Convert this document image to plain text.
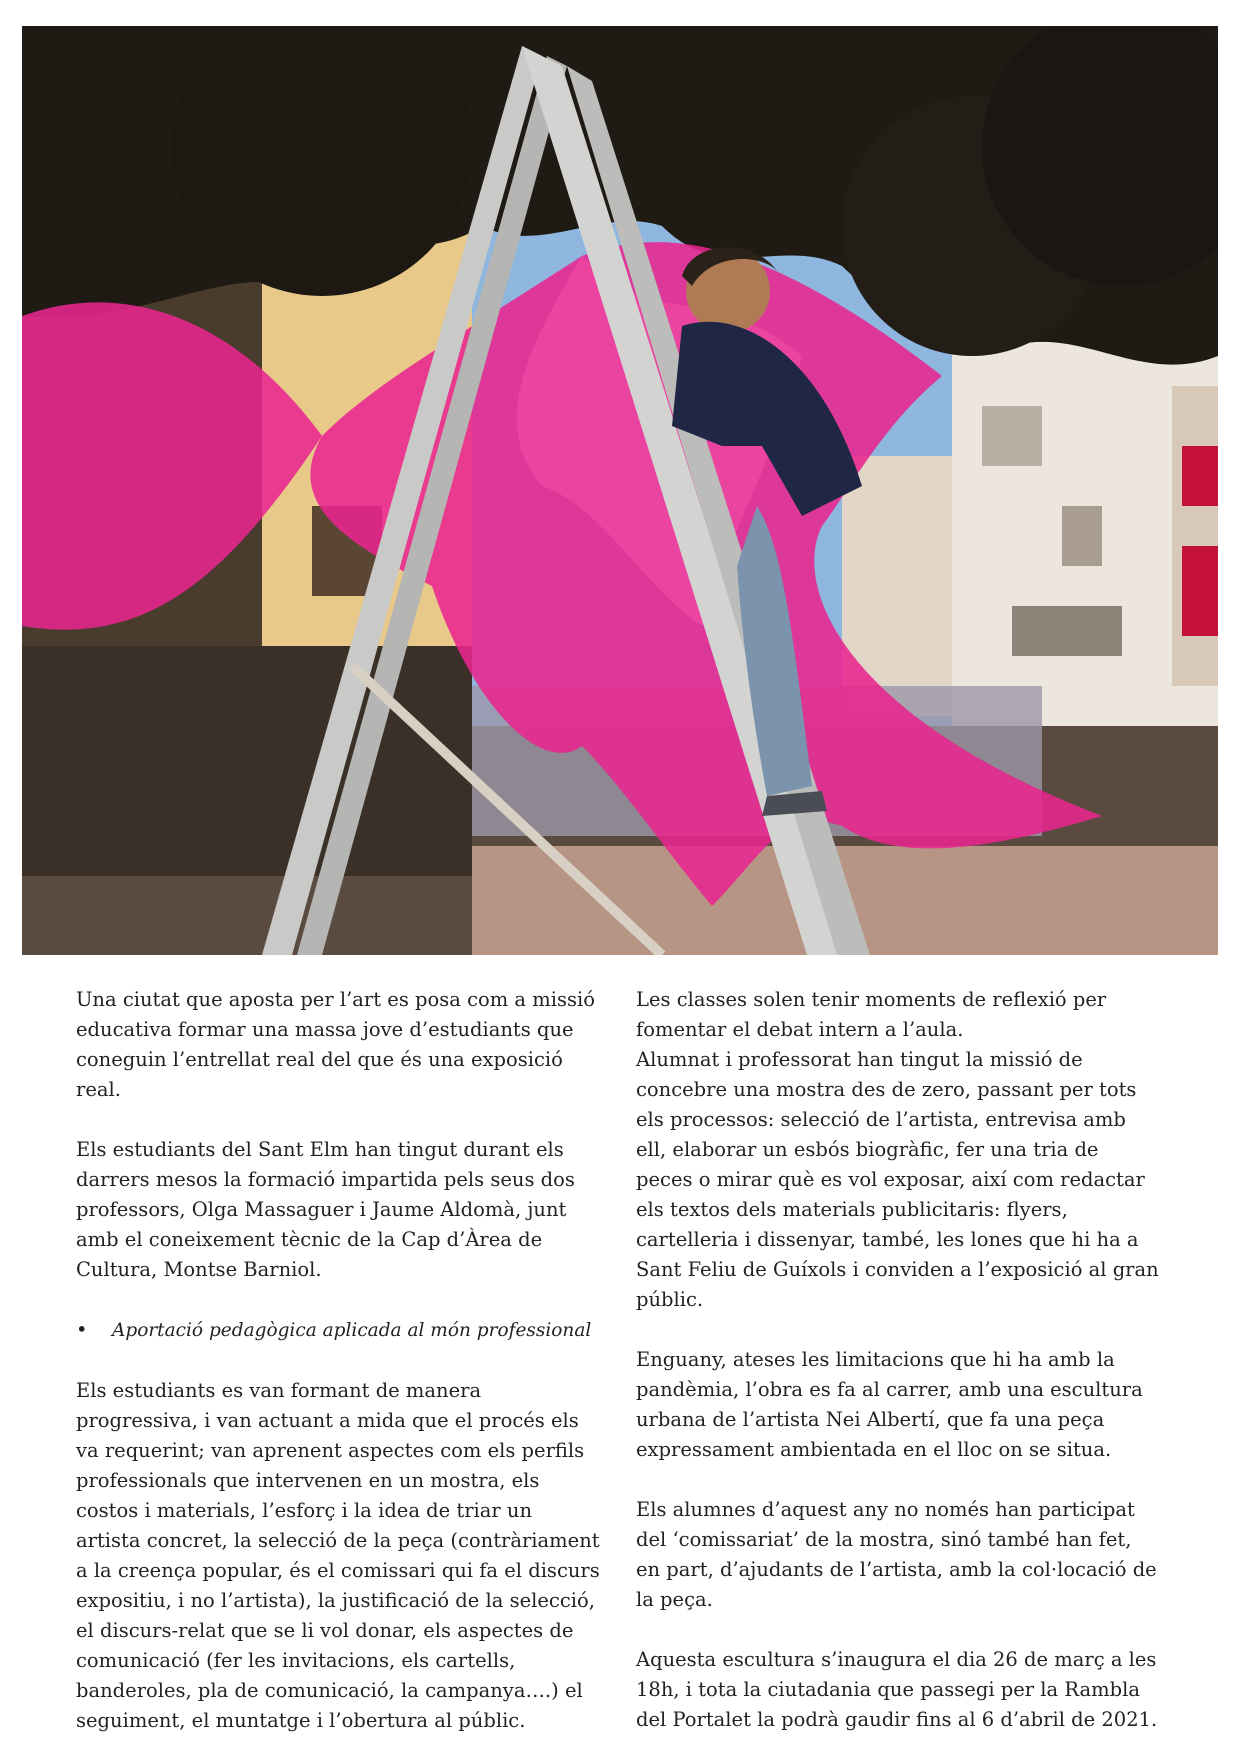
Una ciutat que aposta per l’art es posa com a missió educativa formar una massa jove d’estudiants que coneguin l’entrellat real del que és una exposició real.

Els estudiants del Sant Elm han tingut durant els darrers mesos la formació impartida pels seus dos professors, Olga Massaguer i Jaume Aldomà, junt amb el coneixement tècnic de la Cap d’Àrea de Cultura, Montse Barniol.

•	Aportació pedagògica aplicada al món professional

Els estudiants es van formant de manera progressiva, i van actuant a mida que el procés els va requerint; van aprenent aspectes com els perfils professionals que intervenen en un mostra, els costos i materials, l’esforç i la idea de triar un artista concret, la selecció de la peça (contràriament a la creença popular, és el comissari qui fa el discurs expositiu, i no l’artista), la justificació de la selecció, el discurs-relat que se li vol donar, els aspectes de comunicació (fer les invitacions, els cartells, banderoles, pla de comunicació, la campanya….) el seguiment, el muntatge i l’obertura al públic.

Les classes solen tenir moments de reflexió per fomentar el debat intern a l’aula.

Alumnat i professorat han tingut la missió de concebre una mostra des de zero, passant per tots els processos: selecció de l’artista, entrevisa amb ell, elaborar un esbós biogràfic, fer una tria de peces o mirar què es vol exposar, així com redactar els textos dels materials publicitaris: flyers, cartelleria i dissenyar, també, les lones que hi ha a Sant Feliu de Guíxols i conviden a l’exposició al gran públic.

Enguany, ateses les limitacions que hi ha amb la pandèmia, l’obra es fa al carrer, amb una escultura urbana de l’artista Nei Albertí, que fa una peça expressament ambientada en el lloc on se situa.

Els alumnes d’aquest any no només han participat del ‘comissariat’ de la mostra, sinó també han fet, en part, d’ajudants de l’artista, amb la col·locació de la peça.

Aquesta escultura s’inaugura el dia 26 de març a les 18h, i tota la ciutadania que passegi per la Rambla del Portalet la podrà gaudir fins al 6 d’abril de 2021.
